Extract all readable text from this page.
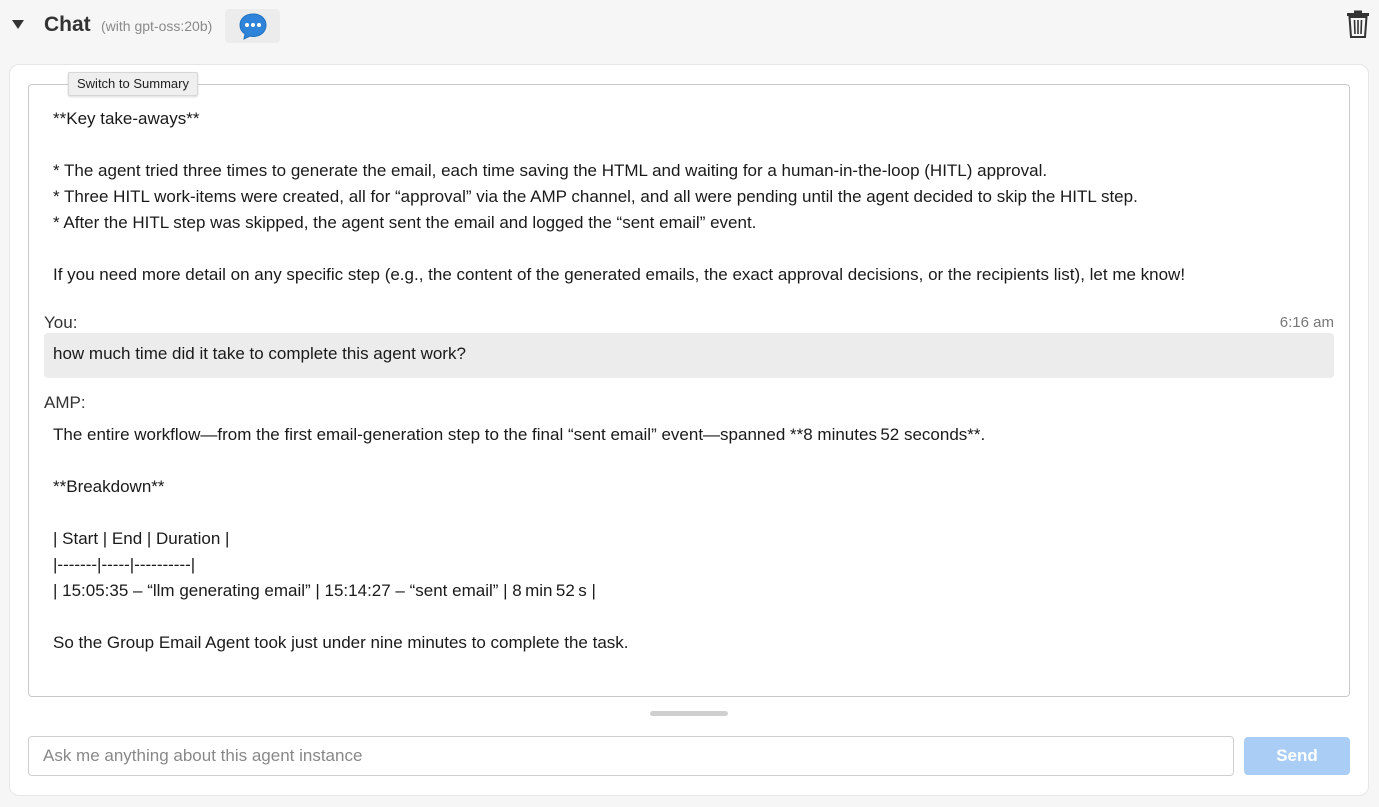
Chat (with gpt-oss:20b)
Switch to Summary
**Key take-aways**
* The agent tried three times to generate the email, each time saving the HTML and waiting for a human-in-the-loop (HITL) approval.
* Three HITL work-items were created, all for “approval” via the AMP channel, and all were pending until the agent decided to skip the HITL step.
* After the HITL step was skipped, the agent sent the email and logged the “sent email” event.
If you need more detail on any specific step (e.g., the content of the generated emails, the exact approval decisions, or the recipients list), let me know!
You:	6:16 am
how much time did it take to complete this agent work?
AMP:
The entire workflow—from the first email-generation step to the final “sent email” event—spanned **8 minutes 52 seconds**.
**Breakdown**
| Start | End | Duration |
|-------|-----|----------|
| 15:05:35 – “llm generating email” | 15:14:27 – “sent email” | 8 min 52 s |
So the Group Email Agent took just under nine minutes to complete the task.
Ask me anything about this agent instance
Send
